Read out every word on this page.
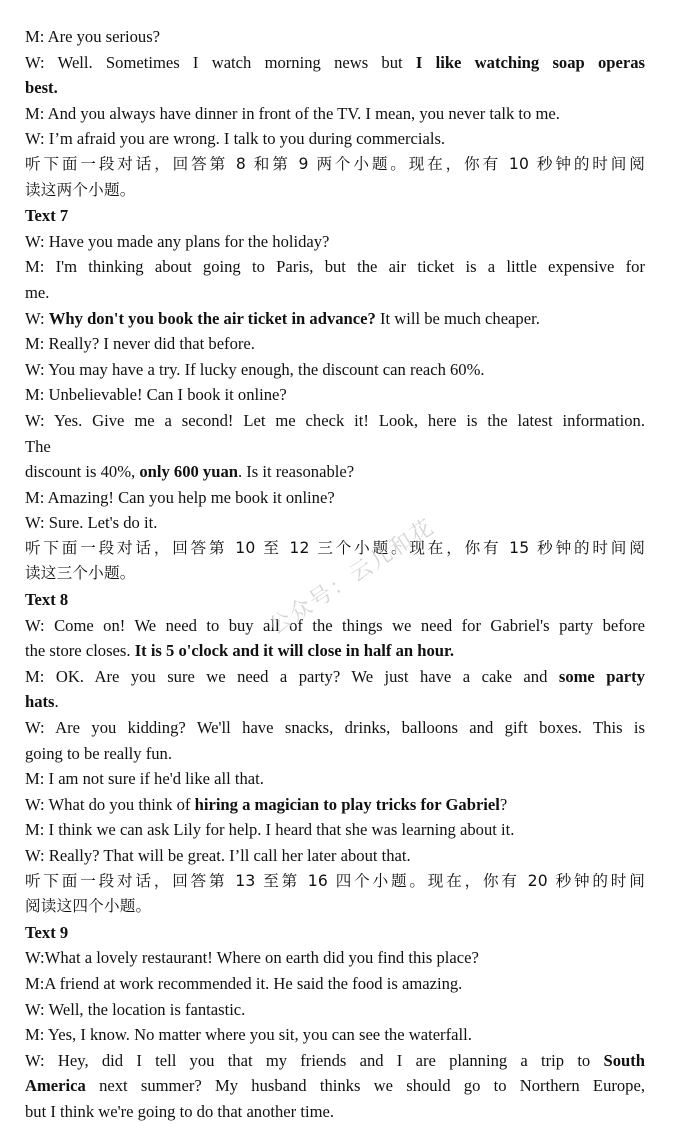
M: Are you serious?
W: Well. Sometimes I watch morning news but I like watching soap operas
best.
M: And you always have dinner in front of the TV. I mean, you never talk to me.
W: I’m afraid you are wrong. I talk to you during commercials.
听下面一段对话，回答第 8 和第 9 两个小题。现在，你有 10 秒钟的时间阅
读这两个小题。
Text 7
W: Have you made any plans for the holiday?
M: I'm thinking about going to Paris, but the air ticket is a little expensive for
me.
W: Why don't you book the air ticket in advance? It will be much cheaper.
M: Really? I never did that before.
W: You may have a try. If lucky enough, the discount can reach 60%.
M: Unbelievable! Can I book it online?
W: Yes. Give me a second! Let me check it! Look, here is the latest information.
The
discount is 40%, only 600 yuan. Is it reasonable?
M: Amazing! Can you help me book it online?
W: Sure. Let's do it.
听下面一段对话，回答第 10 至 12 三个小题。现在，你有 15 秒钟的时间阅
读这三个小题。
Text 8
W: Come on! We need to buy all of the things we need for Gabriel's party before
the store closes. It is 5 o'clock and it will close in half an hour.
M: OK. Are you sure we need a party? We just have a cake and some party
hats.
W: Are you kidding? We'll have snacks, drinks, balloons and gift boxes. This is
going to be really fun.
M: I am not sure if he'd like all that.
W: What do you think of hiring a magician to play tricks for Gabriel?
M: I think we can ask Lily for help. I heard that she was learning about it.
W: Really? That will be great. I’ll call her later about that.
听下面一段对话，回答第 13 至第 16 四个小题。现在，你有 20 秒钟的时间
阅读这四个小题。
Text 9
W:What a lovely restaurant! Where on earth did you find this place?
M:A friend at work recommended it. He said the food is amazing.
W: Well, the location is fantastic.
M: Yes, I know. No matter where you sit, you can see the waterfall.
W: Hey, did I tell you that my friends and I are planning a trip to South
America next summer? My husband thinks we should go to Northern Europe,
but I think we're going to do that another time.
公众号：云儿和花
